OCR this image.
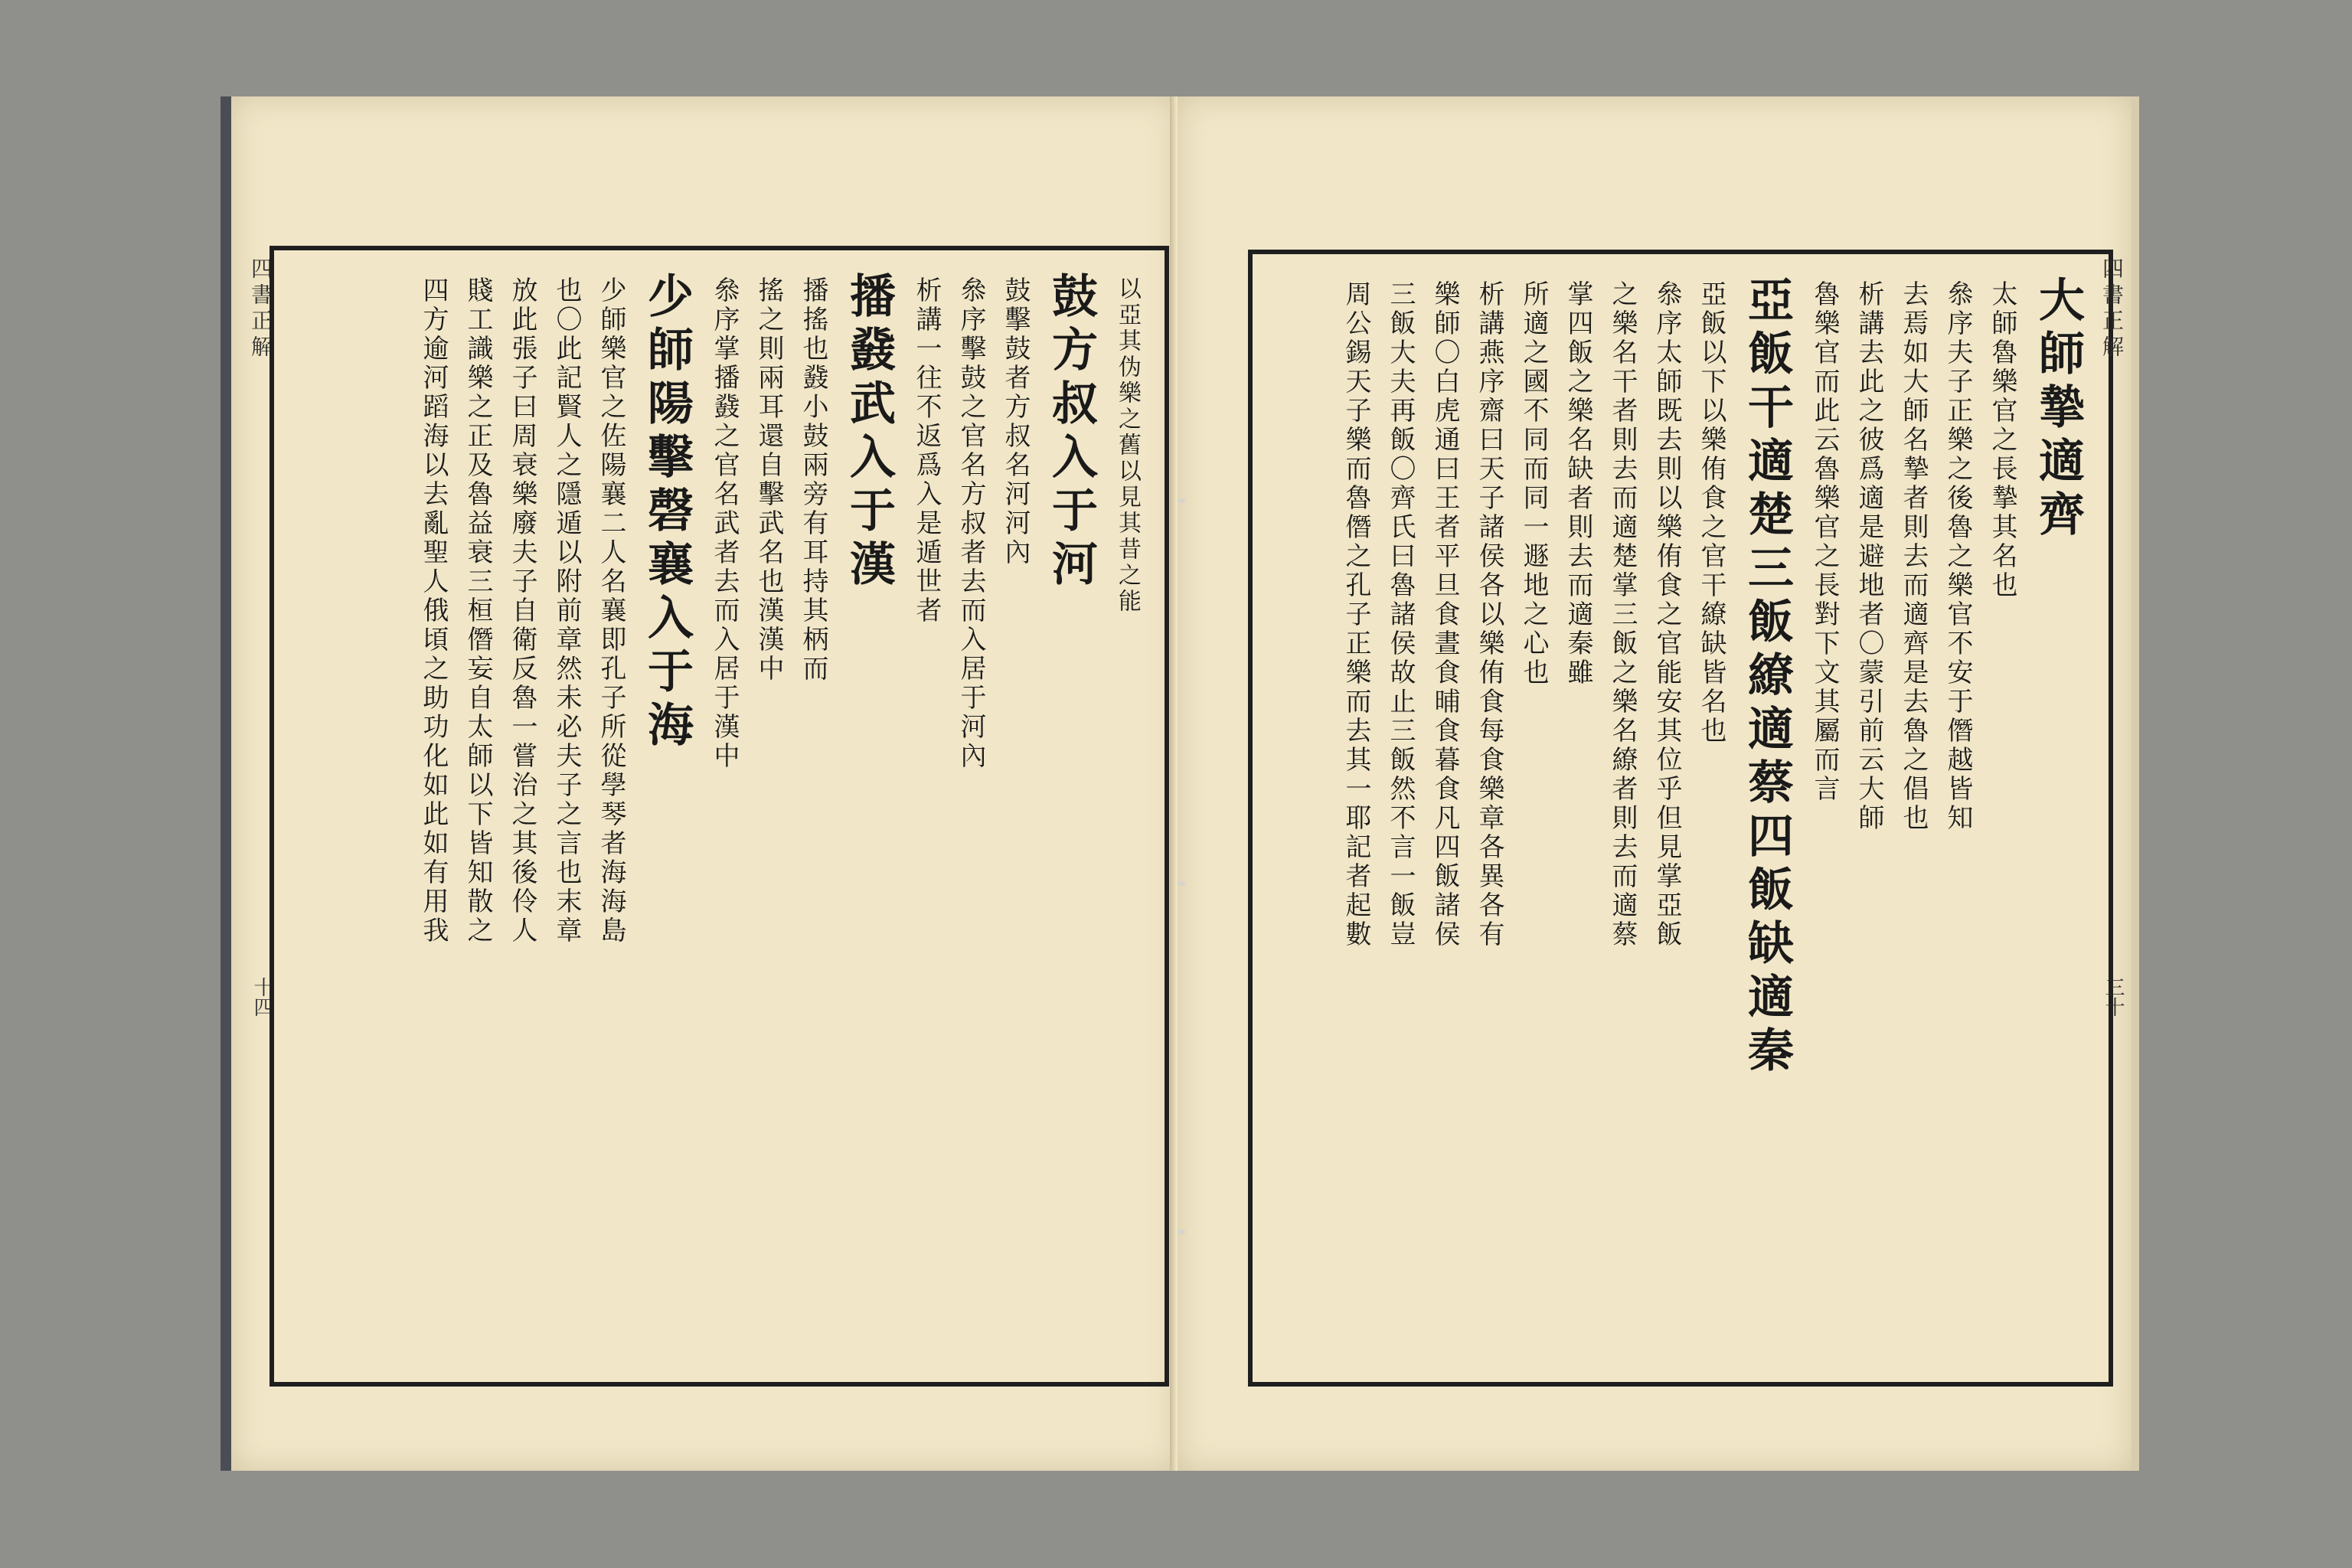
四書正解
十四
以亞其伪樂之舊以見其昔之能
鼓方叔入于河
鼓擊鼓者方叔名河河內
叅序擊鼓之官名方叔者去而入居于河內
析講一往不返爲入是遁世者
播鼗武入于漢
播搖也鼗小鼓兩旁有耳持其柄而
搖之則兩耳還自擊武名也漢漢中
叅序掌播鼗之官名武者去而入居于漢中
少師陽擊磬襄入于海
少師樂官之佐陽襄二人名襄即孔子所從學琴者海海島
也〇此記賢人之隱遁以附前章然未必夫子之言也末章
放此張子曰周衰樂廢夫子自衛反魯一嘗治之其後伶人
賤工識樂之正及魯益衰三桓僭妄自太師以下皆知散之
四方逾河蹈海以去亂聖人俄頃之助功化如此如有用我	大師摯適齊
太師魯樂官之長摯其名也
叅序夫子正樂之後魯之樂官不安于僭越皆知
去焉如大師名摯者則去而適齊是去魯之倡也
析講去此之彼爲適是避地者〇蒙引前云大師
魯樂官而此云魯樂官之長對下文其屬而言
亞飯干適楚三飯繚適蔡四飯缺適秦
亞飯以下以樂侑食之官干繚缺皆名也
叅序太師既去則以樂侑食之官能安其位乎但見掌亞飯
之樂名干者則去而適楚掌三飯之樂名繚者則去而適蔡
掌四飯之樂名缺者則去而適秦雖
所適之國不同而同一遯地之心也
析講燕序齋曰天子諸侯各以樂侑食每食樂章各異各有
樂師〇白虎通曰王者平旦食晝食晡食暮食凡四飯諸侯
三飯大夫再飯〇齊氏曰魯諸侯故止三飯然不言一飯豈
周公錫天子樂而魯僭之孔子正樂而去其一耶記者起數	四書正解
三十
